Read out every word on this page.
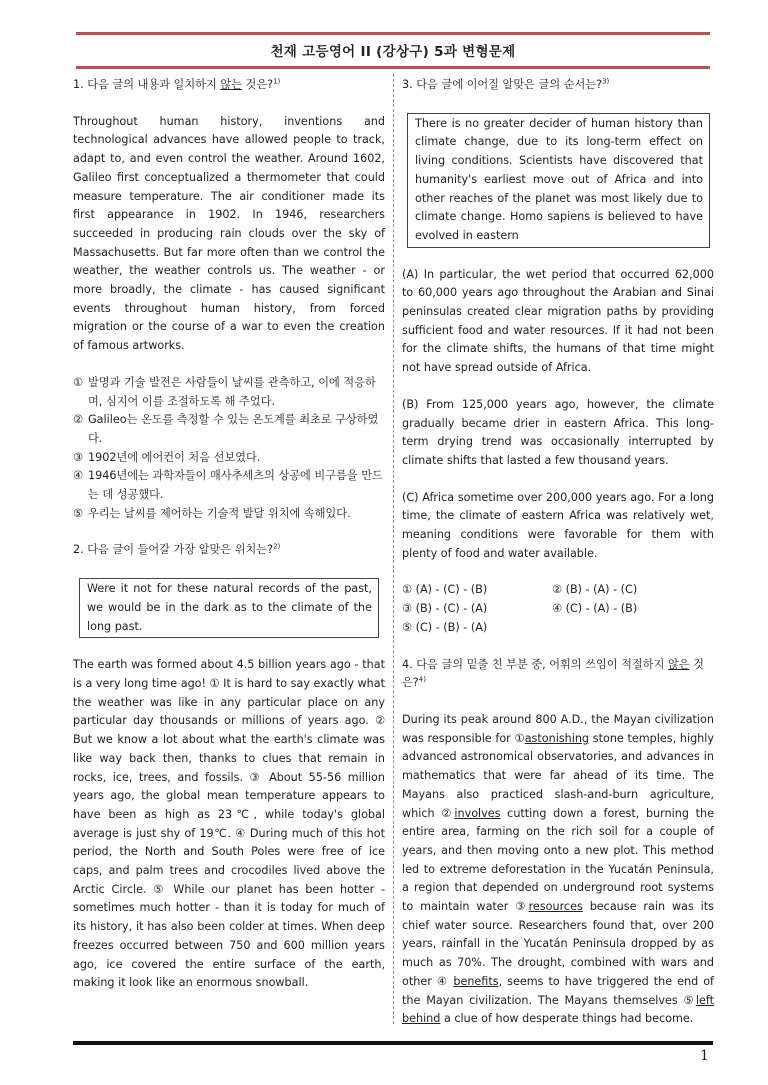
천재 고등영어 II (강상구) 5과 변형문제

1. 다음 글의 내용과 일치하지 않는 것은?$^{1)}$

Throughout human history, inventions and technological advances have allowed people to track, adapt to, and even control the weather. Around 1602, Galileo first conceptualized a thermometer that could measure temperature. The air conditioner made its first appearance in 1902. In 1946, researchers succeeded in producing rain clouds over the sky of Massachusetts. But far more often than we control the weather, the weather controls us. The weather - or more broadly, the climate - has caused significant events throughout human history, from forced migration or the course of a war to even the creation of famous artworks.

① 발명과 기술 발전은 사람들이 날씨를 관측하고, 이에 적응하며, 심지어 이를 조절하도록 해 주었다.
② Galileo는 온도를 측정할 수 있는 온도계를 최초로 구상하였다.
③ 1902년에 에어컨이 처음 선보였다.
④ 1946년에는 과학자들이 매사추세츠의 상공에 비구름을 만드는 데 성공했다.
⑤ 우리는 날씨를 제어하는 기술적 발달 위치에 속해있다.

2. 다음 글이 들어갈 가장 알맞은 위치는?$^{2)}$

Were it not for these natural records of the past, we would be in the dark as to the climate of the long past.

The earth was formed about 4.5 billion years ago - that is a very long time ago! ① It is hard to say exactly what the weather was like in any particular place on any particular day thousands or millions of years ago. ② But we know a lot about what the earth's climate was like way back then, thanks to clues that remain in rocks, ice, trees, and fossils. ③ About 55-56 million years ago, the global mean temperature appears to have been as high as 23℃, while today's global average is just shy of 19℃. ④ During much of this hot period, the North and South Poles were free of ice caps, and palm trees and crocodiles lived above the Arctic Circle. ⑤ While our planet has been hotter - sometimes much hotter - than it is today for much of its history, it has also been colder at times. When deep freezes occurred between 750 and 600 million years ago, ice covered the entire surface of the earth, making it look like an enormous snowball.

3. 다음 글에 이어질 알맞은 글의 순서는?$^{3)}$

There is no greater decider of human history than climate change, due to its long-term effect on living conditions. Scientists have discovered that humanity's earliest move out of Africa and into other reaches of the planet was most likely due to climate change. Homo sapiens is believed to have evolved in eastern

(A) In particular, the wet period that occurred 62,000 to 60,000 years ago throughout the Arabian and Sinai peninsulas created clear migration paths by providing sufficient food and water resources. If it had not been for the climate shifts, the humans of that time might not have spread outside of Africa.

(B) From 125,000 years ago, however, the climate gradually became drier in eastern Africa. This long-term drying trend was occasionally interrupted by climate shifts that lasted a few thousand years.

(C) Africa sometime over 200,000 years ago. For a long time, the climate of eastern Africa was relatively wet, meaning conditions were favorable for them with plenty of food and water available.

① (A) - (C) - (B)	② (B) - (A) - (C)
③ (B) - (C) - (A)	④ (C) - (A) - (B)
⑤ (C) - (B) - (A)

4. 다음 글의 밑줄 친 부분 중, 어휘의 쓰임이 적절하지 않은 것은?$^{4)}$

During its peak around 800 A.D., the Mayan civilization was responsible for ①astonishing stone temples, highly advanced astronomical observatories, and advances in mathematics that were far ahead of its time. The Mayans also practiced slash-and-burn agriculture, which ②involves cutting down a forest, burning the entire area, farming on the rich soil for a couple of years, and then moving onto a new plot. This method led to extreme deforestation in the Yucatán Peninsula, a region that depended on underground root systems to maintain water ③resources because rain was its chief water source. Researchers found that, over 200 years, rainfall in the Yucatán Peninsula dropped by as much as 70%. The drought, combined with wars and other ④ benefits, seems to have triggered the end of the Mayan civilization. The Mayans themselves ⑤left behind a clue of how desperate things had become.

1
